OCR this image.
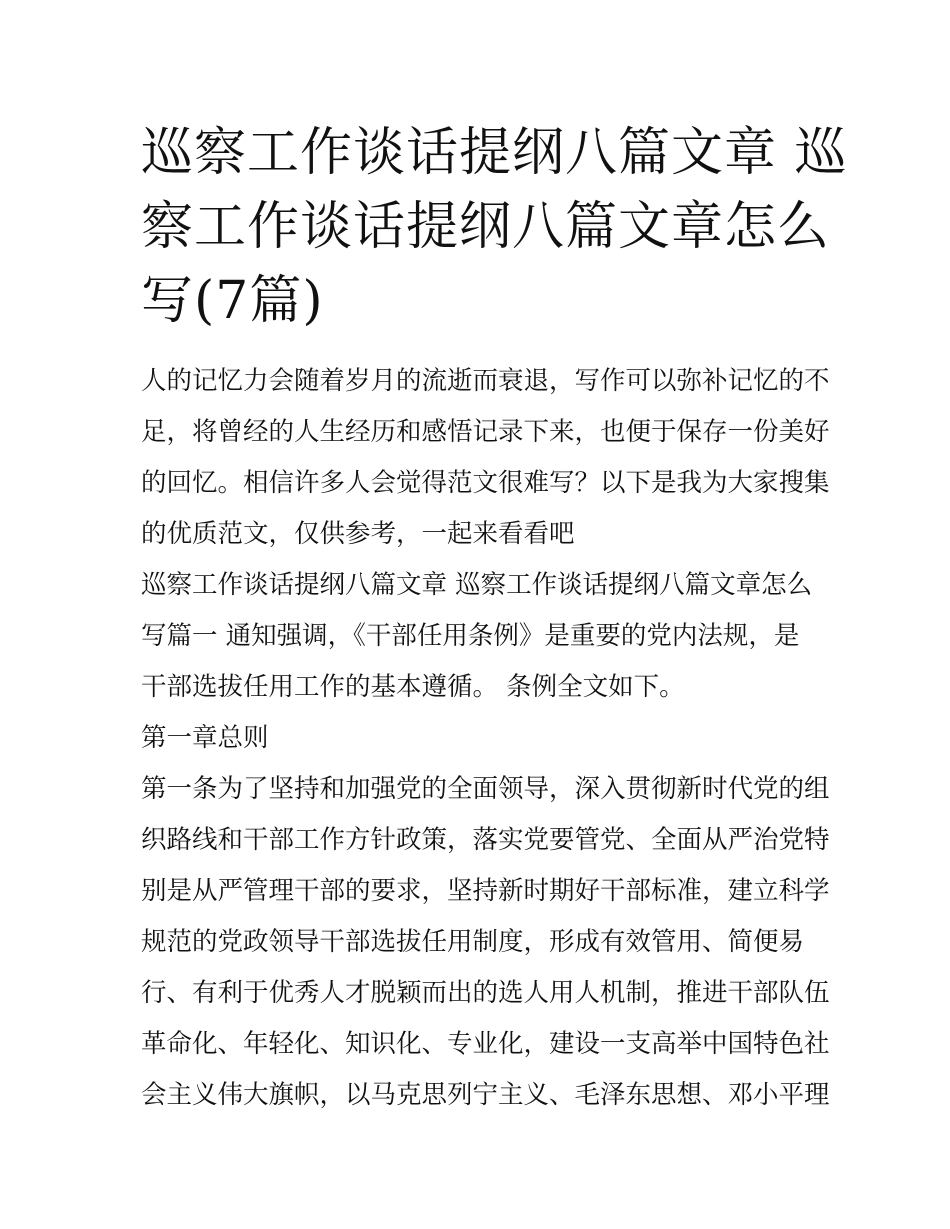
巡察工作谈话提纲八篇文章 巡
察工作谈话提纲八篇文章怎么
写(7篇)
人的记忆力会随着岁月的流逝而衰退，写作可以弥补记忆的不
足，将曾经的人生经历和感悟记录下来，也便于保存一份美好
的回忆。相信许多人会觉得范文很难写？以下是我为大家搜集
的优质范文，仅供参考，一起来看看吧
巡察工作谈话提纲八篇文章 巡察工作谈话提纲八篇文章怎么
写篇一 通知强调，《干部任用条例》是重要的党内法规，是
干部选拔任用工作的基本遵循。 条例全文如下。
第一章总则
第一条为了坚持和加强党的全面领导，深入贯彻新时代党的组
织路线和干部工作方针政策，落实党要管党、全面从严治党特
别是从严管理干部的要求，坚持新时期好干部标准，建立科学
规范的党政领导干部选拔任用制度，形成有效管用、简便易
行、有利于优秀人才脱颖而出的选人用人机制，推进干部队伍
革命化、年轻化、知识化、专业化，建设一支高举中国特色社
会主义伟大旗帜，以马克思列宁主义、毛泽东思想、邓小平理
